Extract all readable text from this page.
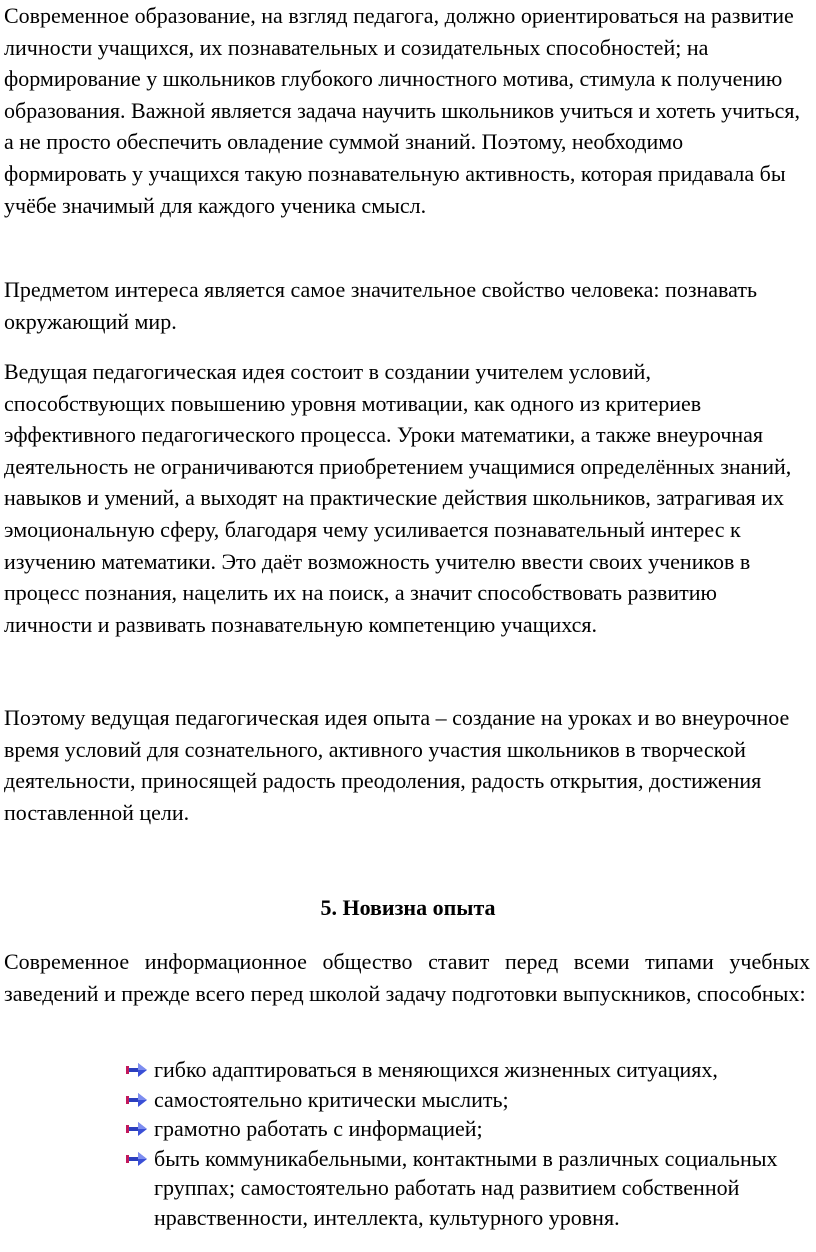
Современное образование, на взгляд педагога, должно ориентироваться на развитие личности учащихся, их познавательных и созидательных способностей; на формирование у школьников глубокого личностного мотива, стимула к получению образования. Важной является задача научить школьников учиться и хотеть учиться, а не просто обеспечить овладение суммой знаний. Поэтому, необходимо формировать у учащихся такую познавательную активность, которая придавала бы учёбе значимый для каждого ученика смысл.

Предметом интереса является самое значительное свойство человека: познавать окружающий мир.

Ведущая педагогическая идея состоит в создании учителем условий, способствующих повышению уровня мотивации, как одного из критериев эффективного педагогического процесса. Уроки математики, а также внеурочная деятельность не ограничиваются приобретением учащимися определённых знаний, навыков и умений, а выходят на практические действия школьников, затрагивая их эмоциональную сферу, благодаря чему усиливается познавательный интерес к изучению математики. Это даёт возможность учителю ввести своих учеников в процесс познания, нацелить их на поиск, а значит способствовать развитию личности и развивать познавательную компетенцию учащихся.

Поэтому ведущая педагогическая идея опыта – создание на уроках и во внеурочное время условий для сознательного, активного участия школьников в творческой деятельности, приносящей радость преодоления, радость открытия, достижения поставленной цели.

5. Новизна опыта

Современное информационное общество ставит перед всеми типами учебных заведений и прежде всего перед школой задачу подготовки выпускников, способных:

гибко адаптироваться в меняющихся жизненных ситуациях,
самостоятельно критически мыслить;
грамотно работать с информацией;
быть коммуникабельными, контактными в различных социальных группах; самостоятельно работать над развитием собственной нравственности, интеллекта, культурного уровня.
